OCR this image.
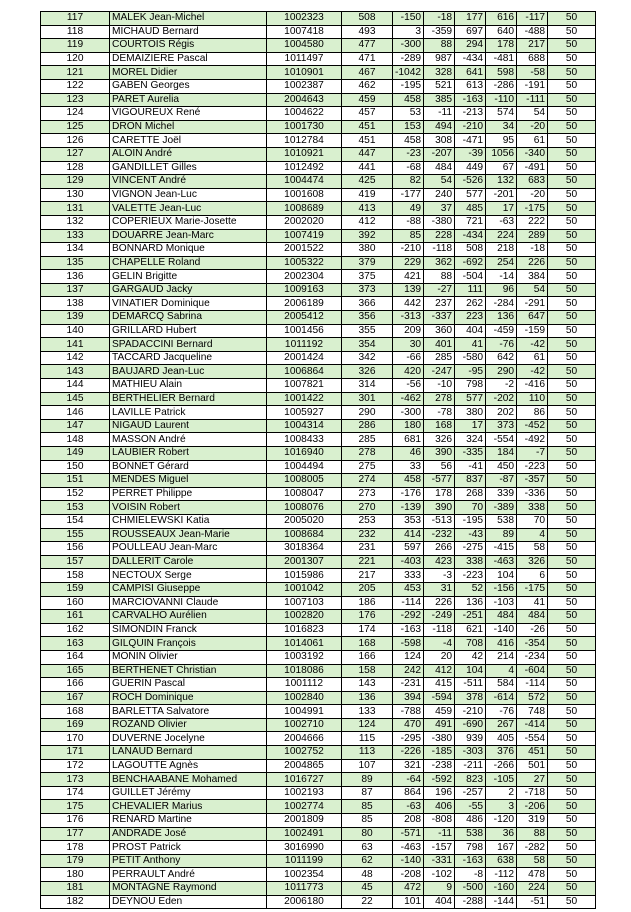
117	MALEK Jean-Michel	1002323	508	-150	-18	177	616	-117	50
118	MICHAUD Bernard	1007418	493	3	-359	697	640	-488	50
119	COURTOIS Régis	1004580	477	-300	88	294	178	217	50
120	DEMAIZIERE Pascal	1011497	471	-289	987	-434	-481	688	50
121	MOREL Didier	1010901	467	-1042	328	641	598	-58	50
122	GABEN Georges	1002387	462	-195	521	613	-286	-191	50
123	PARET Aurelia	2004643	459	458	385	-163	-110	-111	50
124	VIGOUREUX René	1004622	457	53	-11	-213	574	54	50
125	DRON Michel	1001730	451	153	494	-210	34	-20	50
126	CARETTE Joël	1012784	451	458	308	-471	95	61	50
127	ALOIN André	1010921	447	-23	-207	-39	1056	-340	50
128	GANDILLET Gilles	1012492	441	-68	484	449	67	-491	50
129	VINCENT André	1004474	425	82	54	-526	132	683	50
130	VIGNON Jean-Luc	1001608	419	-177	240	577	-201	-20	50
131	VALETTE Jean-Luc	1008689	413	49	37	485	17	-175	50
132	COPERIEUX Marie-Josette	2002020	412	-88	-380	721	-63	222	50
133	DOUARRE Jean-Marc	1007419	392	85	228	-434	224	289	50
134	BONNARD Monique	2001522	380	-210	-118	508	218	-18	50
135	CHAPELLE Roland	1005322	379	229	362	-692	254	226	50
136	GELIN Brigitte	2002304	375	421	88	-504	-14	384	50
137	GARGAUD Jacky	1009163	373	139	-27	111	96	54	50
138	VINATIER Dominique	2006189	366	442	237	262	-284	-291	50
139	DEMARCQ Sabrina	2005412	356	-313	-337	223	136	647	50
140	GRILLARD Hubert	1001456	355	209	360	404	-459	-159	50
141	SPADACCINI Bernard	1011192	354	30	401	41	-76	-42	50
142	TACCARD Jacqueline	2001424	342	-66	285	-580	642	61	50
143	BAUJARD Jean-Luc	1006864	326	420	-247	-95	290	-42	50
144	MATHIEU Alain	1007821	314	-56	-10	798	-2	-416	50
145	BERTHELIER Bernard	1001422	301	-462	278	577	-202	110	50
146	LAVILLE Patrick	1005927	290	-300	-78	380	202	86	50
147	NIGAUD Laurent	1004314	286	180	168	17	373	-452	50
148	MASSON André	1008433	285	681	326	324	-554	-492	50
149	LAUBIER Robert	1016940	278	46	390	-335	184	-7	50
150	BONNET Gérard	1004494	275	33	56	-41	450	-223	50
151	MENDES Miguel	1008005	274	458	-577	837	-87	-357	50
152	PERRET Philippe	1008047	273	-176	178	268	339	-336	50
153	VOISIN Robert	1008076	270	-139	390	70	-389	338	50
154	CHMIELEWSKI Katia	2005020	253	353	-513	-195	538	70	50
155	ROUSSEAUX Jean-Marie	1008684	232	414	-232	-43	89	4	50
156	POULLEAU Jean-Marc	3018364	231	597	266	-275	-415	58	50
157	DALLERIT Carole	2001307	221	-403	423	338	-463	326	50
158	NECTOUX Serge	1015986	217	333	-3	-223	104	6	50
159	CAMPISI Giuseppe	1001042	205	453	31	52	-156	-175	50
160	MARCIOVANNI Claude	1007103	186	-114	226	136	-103	41	50
161	CARVALHO Aurélien	1002820	176	-292	-249	-251	484	484	50
162	SIMONDIN Franck	1016823	174	-163	-118	621	-140	-26	50
163	GILQUIN François	1014061	168	-598	-4	708	416	-354	50
164	MONIN Olivier	1003192	166	124	20	42	214	-234	50
165	BERTHENET Christian	1018086	158	242	412	104	4	-604	50
166	GUERIN Pascal	1001112	143	-231	415	-511	584	-114	50
167	ROCH Dominique	1002840	136	394	-594	378	-614	572	50
168	BARLETTA Salvatore	1004991	133	-788	459	-210	-76	748	50
169	ROZAND Olivier	1002710	124	470	491	-690	267	-414	50
170	DUVERNE Jocelyne	2004666	115	-295	-380	939	405	-554	50
171	LANAUD Bernard	1002752	113	-226	-185	-303	376	451	50
172	LAGOUTTE Agnès	2004865	107	321	-238	-211	-266	501	50
173	BENCHAABANE Mohamed	1016727	89	-64	-592	823	-105	27	50
174	GUILLET Jérémy	1002193	87	864	196	-257	2	-718	50
175	CHEVALIER Marius	1002774	85	-63	406	-55	3	-206	50
176	RENARD Martine	2001809	85	208	-808	486	-120	319	50
177	ANDRADE José	1002491	80	-571	-11	538	36	88	50
178	PROST Patrick	3016990	63	-463	-157	798	167	-282	50
179	PETIT Anthony	1011199	62	-140	-331	-163	638	58	50
180	PERRAULT André	1002354	48	-208	-102	-8	-112	478	50
181	MONTAGNE Raymond	1011773	45	472	9	-500	-160	224	50
182	DEYNOU Eden	2006180	22	101	404	-288	-144	-51	50
